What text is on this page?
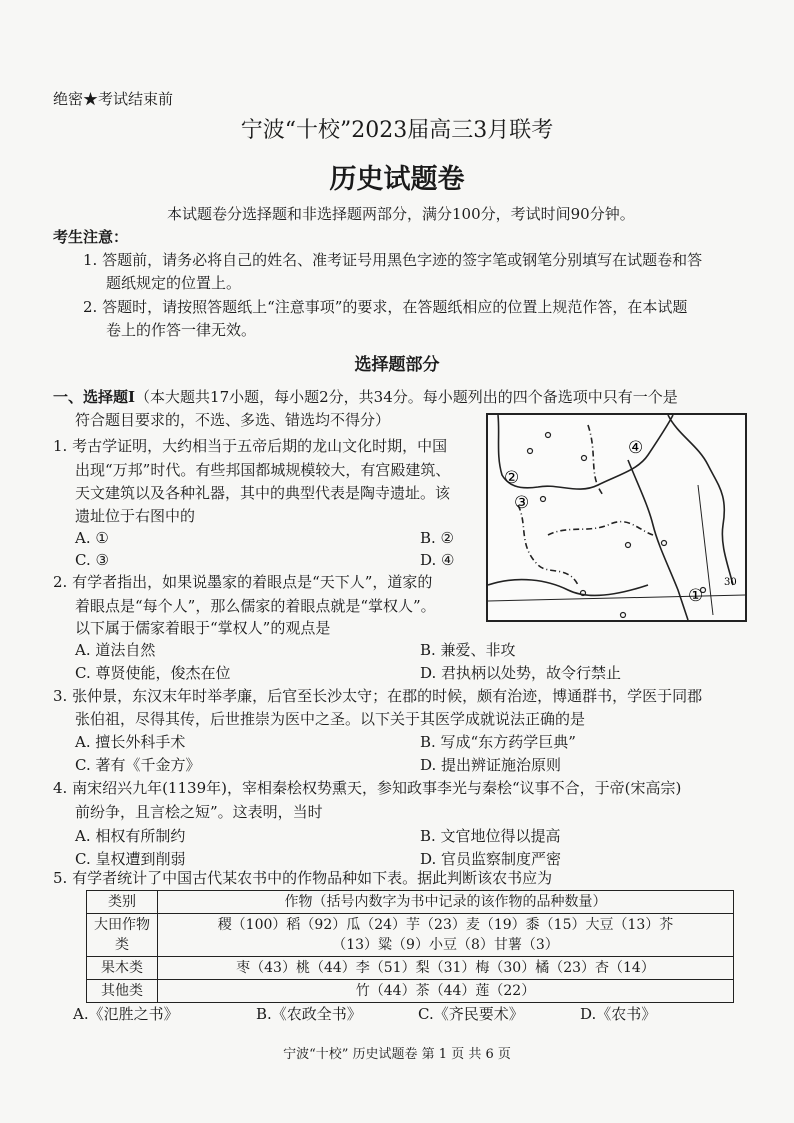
绝密★考试结束前
宁波“十校”2023届高三3月联考
历史试题卷
本试题卷分选择题和非选择题两部分，满分100分，考试时间90分钟。
考生注意：
1. 答题前，请务必将自己的姓名、准考证号用黑色字迹的签字笔或钢笔分别填写在试题卷和答
题纸规定的位置上。
2. 答题时，请按照答题纸上“注意事项”的要求，在答题纸相应的位置上规范作答，在本试题
卷上的作答一律无效。
选择题部分
一、选择题Ⅰ（本大题共17小题，每小题2分，共34分。每小题列出的四个备选项中只有一个是
符合题目要求的，不选、多选、错选均不得分）
④
②
③
①
30
1. 考古学证明，大约相当于五帝后期的龙山文化时期，中国
出现“万邦”时代。有些邦国都城规模较大，有宫殿建筑、
天文建筑以及各种礼器，其中的典型代表是陶寺遗址。该
遗址位于右图中的
A. ①	B. ②
C. ③	D. ④
2. 有学者指出，如果说墨家的着眼点是“天下人”，道家的
着眼点是“每个人”，那么儒家的着眼点就是“掌权人”。
以下属于儒家着眼于“掌权人”的观点是
A. 道法自然	B. 兼爱、非攻
C. 尊贤使能，俊杰在位	D. 君执柄以处势，故令行禁止
3. 张仲景，东汉末年时举孝廉，后官至长沙太守；在郡的时候，颇有治迹，博通群书，学医于同郡
张伯祖，尽得其传，后世推崇为医中之圣。以下关于其医学成就说法正确的是
A. 擅长外科手术	B. 写成“东方药学巨典”
C. 著有《千金方》	D. 提出辨证施治原则
4. 南宋绍兴九年(1139年)，宰相秦桧权势熏天，参知政事李光与秦桧“议事不合，于帝(宋高宗)
前纷争，且言桧之短”。这表明，当时
A. 相权有所制约	B. 文官地位得以提高
C. 皇权遭到削弱	D. 官员监察制度严密
5. 有学者统计了中国古代某农书中的作物品种如下表。据此判断该农书应为
类别	作物（括号内数字为书中记录的该作物的品种数量）
大田作物类	稷（100）稻（92）瓜（24）芋（23）麦（19）黍（15）大豆（13）芥
（13）粱（9）小豆（8）甘薯（3）

果木类	枣（43）桃（44）李（51）梨（31）梅（30）橘（23）杏（14）
其他类	竹（44）茶（44）莲（22）
A.《氾胜之书》	B.《农政全书》	C.《齐民要术》	D.《农书》
宁波“十校” 历史试题卷 第 1 页 共 6 页
